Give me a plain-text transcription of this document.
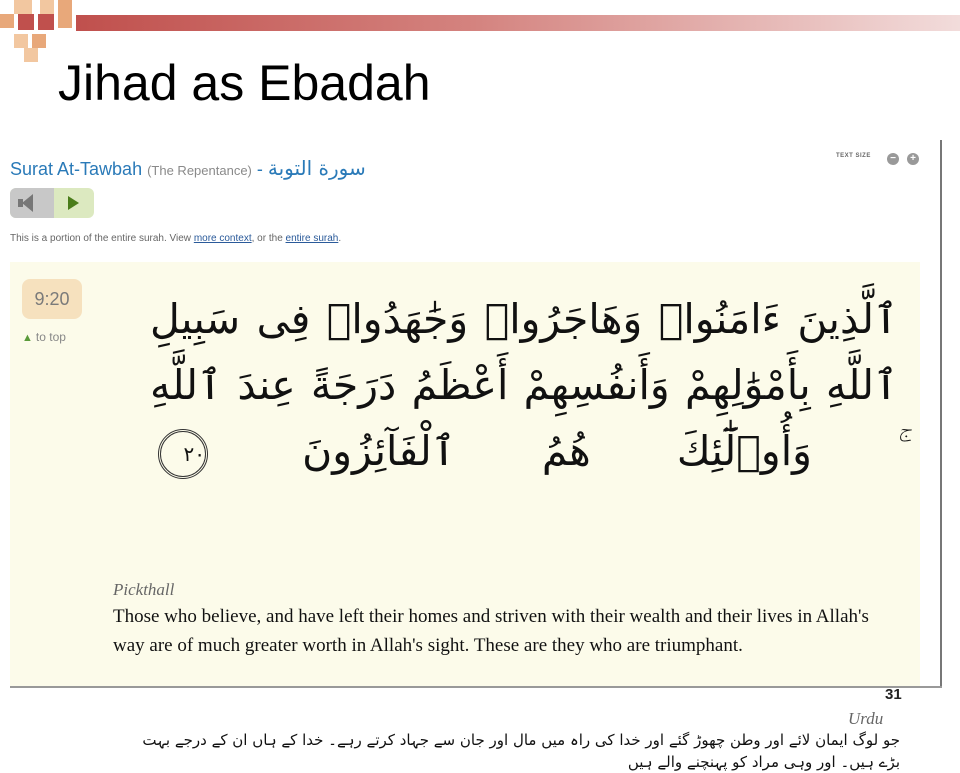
Jihad as Ebadah
Surat At-Tawbah (The Repentance) - سورة التوبة	TEXT SIZE	−	+
This is a portion of the entire surah. View more context, or the entire surah.
9:20
▲ to top ٱلَّذِينَ ءَامَنُوا۟ وَهَاجَرُوا۟ وَجَٰهَدُوا۟ فِى سَبِيلِ ٱللَّهِ بِأَمْوَٰلِهِمْ وَأَنفُسِهِمْ أَعْظَمُ دَرَجَةً عِندَ ٱللَّهِ ۚ وَأُو۟لَٰٓئِكَ هُمُ ٱلْفَآئِزُونَ ٢٠
Pickthall
Those who believe, and have left their homes and striven with their wealth and their lives in Allah's way are of much greater worth in Allah's sight. These are they who are triumphant.
Urdu
جو لوگ ایمان لائے اور وطن چھوڑ گئے اور خدا کی راہ میں مال اور جان سے جہاد کرتے رہے۔ خدا کے ہاں ان کے درجے بہت بڑے ہیں۔ اور وہی مراد کو پہنچنے والے ہیں
31
